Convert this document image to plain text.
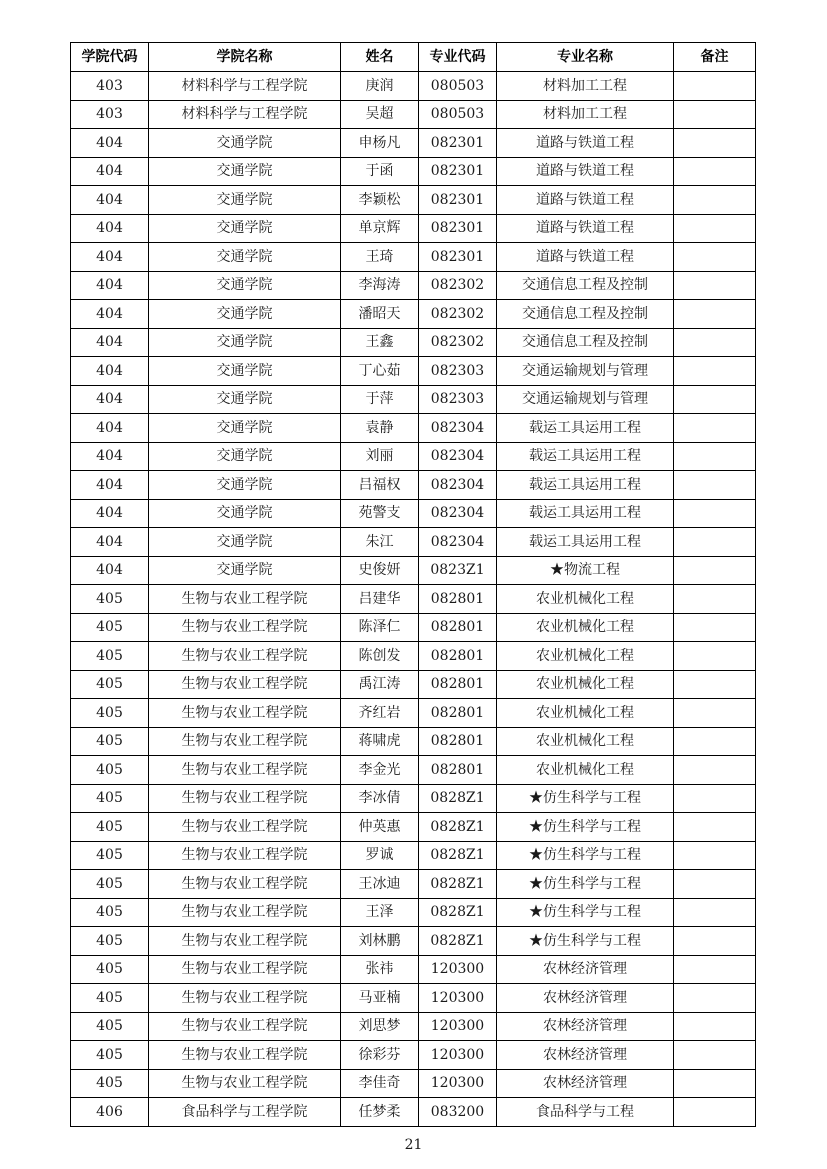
学院代码	学院名称	姓名	专业代码	专业名称	备注
403	材料科学与工程学院	庚润	080503	材料加工工程	
403	材料科学与工程学院	吴超	080503	材料加工工程	
404	交通学院	申杨凡	082301	道路与铁道工程	
404	交通学院	于函	082301	道路与铁道工程	
404	交通学院	李颖松	082301	道路与铁道工程	
404	交通学院	单京辉	082301	道路与铁道工程	
404	交通学院	王琦	082301	道路与铁道工程	
404	交通学院	李海涛	082302	交通信息工程及控制	
404	交通学院	潘昭天	082302	交通信息工程及控制	
404	交通学院	王鑫	082302	交通信息工程及控制	
404	交通学院	丁心茹	082303	交通运输规划与管理	
404	交通学院	于萍	082303	交通运输规划与管理	
404	交通学院	袁静	082304	载运工具运用工程	
404	交通学院	刘丽	082304	载运工具运用工程	
404	交通学院	吕福权	082304	载运工具运用工程	
404	交通学院	苑警支	082304	载运工具运用工程	
404	交通学院	朱江	082304	载运工具运用工程	
404	交通学院	史俊妍	0823Z1	★物流工程	
405	生物与农业工程学院	吕建华	082801	农业机械化工程	
405	生物与农业工程学院	陈泽仁	082801	农业机械化工程	
405	生物与农业工程学院	陈创发	082801	农业机械化工程	
405	生物与农业工程学院	禹江涛	082801	农业机械化工程	
405	生物与农业工程学院	齐红岩	082801	农业机械化工程	
405	生物与农业工程学院	蒋啸虎	082801	农业机械化工程	
405	生物与农业工程学院	李金光	082801	农业机械化工程	
405	生物与农业工程学院	李冰倩	0828Z1	★仿生科学与工程	
405	生物与农业工程学院	仲英惠	0828Z1	★仿生科学与工程	
405	生物与农业工程学院	罗诚	0828Z1	★仿生科学与工程	
405	生物与农业工程学院	王冰迪	0828Z1	★仿生科学与工程	
405	生物与农业工程学院	王泽	0828Z1	★仿生科学与工程	
405	生物与农业工程学院	刘林鹏	0828Z1	★仿生科学与工程	
405	生物与农业工程学院	张祎	120300	农林经济管理	
405	生物与农业工程学院	马亚楠	120300	农林经济管理	
405	生物与农业工程学院	刘思梦	120300	农林经济管理	
405	生物与农业工程学院	徐彩芬	120300	农林经济管理	
405	生物与农业工程学院	李佳奇	120300	农林经济管理	
406	食品科学与工程学院	任梦柔	083200	食品科学与工程	
21
